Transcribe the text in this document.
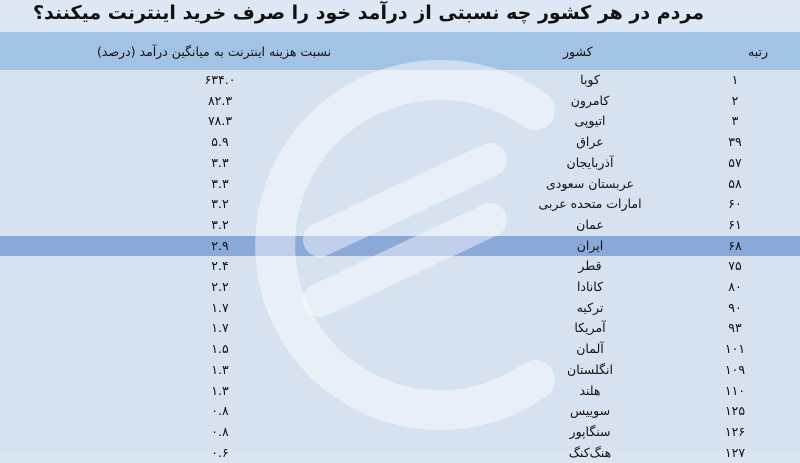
مردم در هر کشور چه نسبتی از درآمد خود را صرف خرید اینترنت میکنند؟
رتبه
کشور
نسبت هزینه اینترنت به میانگین درآمد (درصد)
۱
کوبا
۶۳۴.۰
۲
کامرون
۸۲.۳
۳
اتیوپی
۷۸.۳
۳۹
عراق
۵.۹
۵۷
آذربایجان
۳.۳
۵۸
عربستان سعودی
۳.۳
۶۰
امارات متحده عربی
۳.۲
۶۱
عمان
۳.۲
۶۸
ایران
۲.۹
۷۵
قطر
۲.۴
۸۰
کانادا
۲.۲
۹۰
ترکیه
۱.۷
۹۳
آمریکا
۱.۷
۱۰۱
آلمان
۱.۵
۱۰۹
انگلستان
۱.۳
۱۱۰
هلند
۱.۳
۱۲۵
سوییس
۰.۸
۱۲۶
سنگاپور
۰.۸
۱۲۷
هنگ‌کنگ
۰.۶
